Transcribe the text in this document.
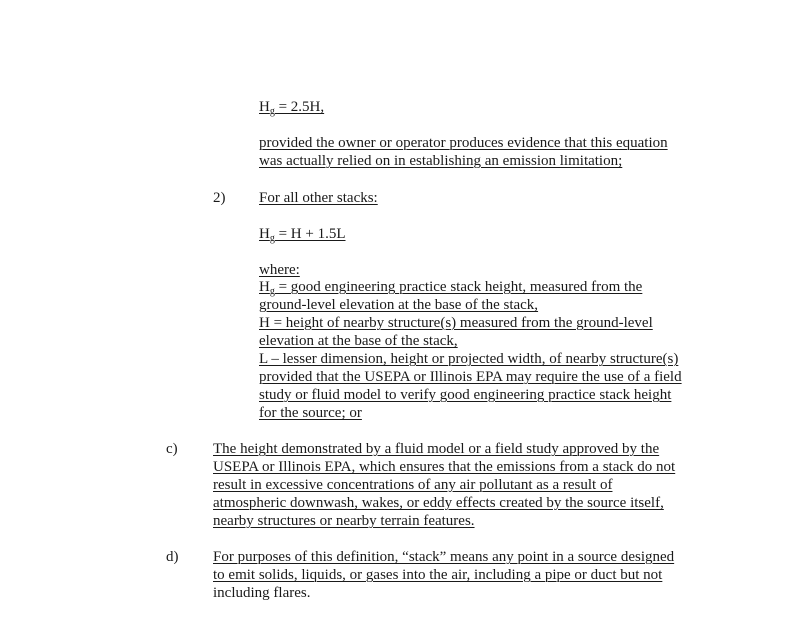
$H_g = 2.5H$,
provided the owner or operator produces evidence that this equation
was actually relied on in establishing an emission limitation;
2) For all other stacks:
$H_g = H + 1.5L$
where:
$H_g$ = good engineering practice stack height, measured from the
ground-level elevation at the base of the stack,
H = height of nearby structure(s) measured from the ground-level
elevation at the base of the stack,
L – lesser dimension, height or projected width, of nearby structure(s)
provided that the USEPA or Illinois EPA may require the use of a field
study or fluid model to verify good engineering practice stack height
for the source; or
c) The height demonstrated by a fluid model or a field study approved by the
USEPA or Illinois EPA, which ensures that the emissions from a stack do not
result in excessive concentrations of any air pollutant as a result of
atmospheric downwash, wakes, or eddy effects created by the source itself,
nearby structures or nearby terrain features.
d) For purposes of this definition, “stack” means any point in a source designed
to emit solids, liquids, or gases into the air, including a pipe or duct but not
including flares.
